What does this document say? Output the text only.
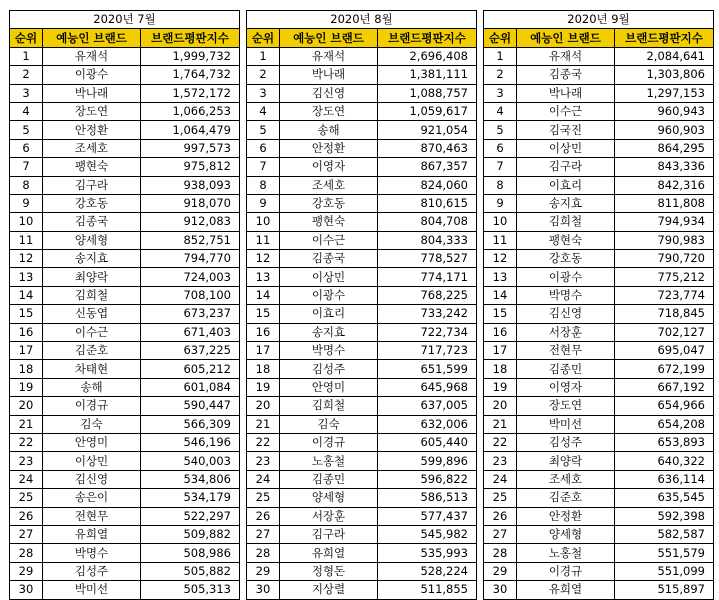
2020년 7월		
순위	예능인 브랜드	브랜드평판지수
1	유재석	1,999,732
2	이광수	1,764,732
3	박나래	1,572,172
4	장도연	1,066,253
5	안정환	1,064,479
6	조세호	997,573
7	팽현숙	975,812
8	김구라	938,093
9	강호동	918,070
10	김종국	912,083
11	양세형	852,751
12	송지효	794,770
13	최양락	724,003
14	김희철	708,100
15	신동엽	673,237
16	이수근	671,403
17	김준호	637,225
18	차태현	605,212
19	송해	601,084
20	이경규	590,447
21	김숙	566,309
22	안영미	546,196
23	이상민	540,003
24	김신영	534,806
25	송은이	534,179
26	전현무	522,297
27	유희열	509,882
28	박명수	508,986
29	김성주	505,882
30	박미선	505,313
2020년 8월		
순위	예능인 브랜드	브랜드평판지수
1	유재석	2,696,408
2	박나래	1,381,111
3	김신영	1,088,757
4	장도연	1,059,617
5	송해	921,054
6	안정환	870,463
7	이영자	867,357
8	조세호	824,060
9	강호동	810,615
10	팽현숙	804,708
11	이수근	804,333
12	김종국	778,527
13	이상민	774,171
14	이광수	768,225
15	이효리	733,242
16	송지효	722,734
17	박명수	717,723
18	김성주	651,599
19	안영미	645,968
20	김희철	637,005
21	김숙	632,006
22	이경규	605,440
23	노홍철	599,896
24	김종민	596,822
25	양세형	586,513
26	서장훈	577,437
27	김구라	545,982
28	유희열	535,993
29	정형돈	528,224
30	지상렬	511,855
2020년 9월		
순위	예능인 브랜드	브랜드평판지수
1	유재석	2,084,641
2	김종국	1,303,806
3	박나래	1,297,153
4	이수근	960,943
5	김국진	960,903
6	이상민	864,295
7	김구라	843,336
8	이효리	842,316
9	송지효	811,808
10	김희철	794,934
11	팽현숙	790,983
12	강호동	790,720
13	이광수	775,212
14	박명수	723,774
15	김신영	718,845
16	서장훈	702,127
17	전현무	695,047
18	김종민	672,199
19	이영자	667,192
20	장도연	654,966
21	박미선	654,208
22	김성주	653,893
23	최양락	640,322
24	조세호	636,114
25	김준호	635,545
26	안정환	592,398
27	양세형	582,587
28	노홍철	551,579
29	이경규	551,099
30	유희열	515,897
